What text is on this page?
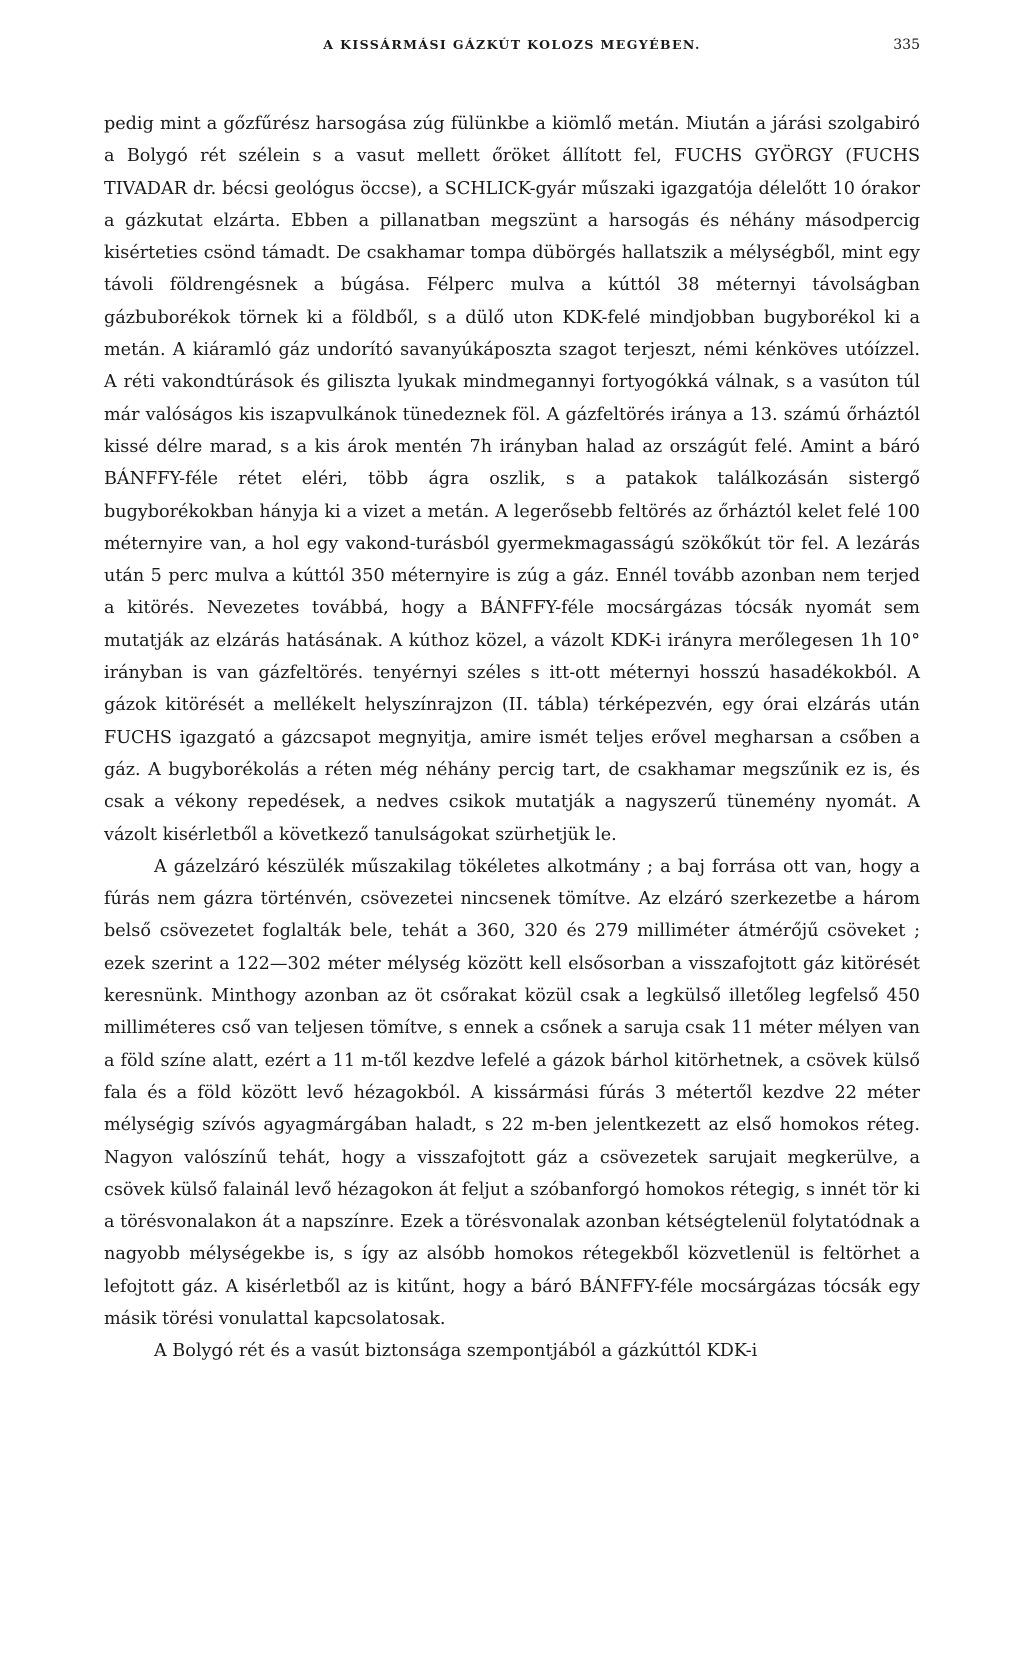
A KISSÁRMÁSI GÁZKÚT KOLOZS MEGYÉBEN.	335

pedig mint a gőzfűrész harsogása zúg fülünkbe a kiömlő metán. Miután a járási szolgabiró a Bolygó rét szélein s a vasut mellett őröket állított fel, FUCHS GYÖRGY (FUCHS TIVADAR dr. bécsi geológus öccse), a SCHLICK-gyár műszaki igazgatója délelőtt 10 órakor a gázkutat elzárta. Ebben a pillanatban megszünt a harsogás és néhány másodpercig kisérteties csönd támadt. De csakhamar tompa dübörgés hallatszik a mélységből, mint egy távoli földrengésnek a búgása. Félperc mulva a kúttól 38 méternyi távolságban gázbuborékok törnek ki a földből, s a dülő uton KDK-felé mindjobban bugyborékol ki a metán. A kiáramló gáz undorító savanyúkáposzta szagot terjeszt, némi kénköves utóízzel. A réti vakondtúrások és giliszta lyukak mindmegannyi fortyogókká válnak, s a vasúton túl már valóságos kis iszapvulkánok tünedeznek föl. A gázfeltörés iránya a 13. számú őrháztól kissé délre marad, s a kis árok mentén 7h irányban halad az országút felé. Amint a báró BÁNFFY-féle rétet eléri, több ágra oszlik, s a patakok találkozásán sistergő bugyborékokban hányja ki a vizet a metán. A legerősebb feltörés az őrháztól kelet felé 100 méternyire van, a hol egy vakond-turásból gyermekmagasságú szökőkút tör fel. A lezárás után 5 perc mulva a kúttól 350 méternyire is zúg a gáz. Ennél tovább azonban nem terjed a kitörés. Nevezetes továbbá, hogy a BÁNFFY-féle mocsárgázas tócsák nyomát sem mutatják az elzárás hatásának. A kúthoz közel, a vázolt KDK-i irányra merőlegesen 1h 10° irányban is van gázfeltörés. tenyérnyi széles s itt-ott méternyi hosszú hasadékokból. A gázok kitörését a mellékelt helyszínrajzon (II. tábla) térképezvén, egy órai elzárás után FUCHS igazgató a gázcsapot megnyitja, amire ismét teljes erővel megharsan a csőben a gáz. A bugyborékolás a réten még néhány percig tart, de csakhamar megszűnik ez is, és csak a vékony repedések, a nedves csikok mutatják a nagyszerű tünemény nyomát. A vázolt kisérletből a következő tanulságokat szürhetjük le.

A gázelzáró készülék műszakilag tökéletes alkotmány ; a baj forrása ott van, hogy a fúrás nem gázra történvén, csövezetei nincsenek tömítve. Az elzáró szerkezetbe a három belső csövezetet foglalták bele, tehát a 360, 320 és 279 milliméter átmérőjű csöveket ; ezek szerint a 122—302 méter mélység között kell elsősorban a visszafojtott gáz kitörését keresnünk. Minthogy azonban az öt csőrakat közül csak a legkülső illetőleg legfelső 450 milliméteres cső van teljesen tömítve, s ennek a csőnek a saruja csak 11 méter mélyen van a föld színe alatt, ezért a 11 m-től kezdve lefelé a gázok bárhol kitörhetnek, a csövek külső fala és a föld között levő hézagokból. A kissármási fúrás 3 métertől kezdve 22 méter mélységig szívós agyagmárgában haladt, s 22 m-ben jelentkezett az első homokos réteg. Nagyon valószínű tehát, hogy a visszafojtott gáz a csövezetek sarujait megkerülve, a csövek külső falainál levő hézagokon át feljut a szóbanforgó homokos rétegig, s innét tör ki a törésvonalakon át a napszínre. Ezek a törésvonalak azonban kétségtelenül folytatódnak a nagyobb mélységekbe is, s így az alsóbb homokos rétegekből közvetlenül is feltörhet a lefojtott gáz. A kisérletből az is kitűnt, hogy a báró BÁNFFY-féle mocsárgázas tócsák egy másik törési vonulattal kapcsolatosak.

A Bolygó rét és a vasút biztonsága szempontjából a gázkúttól KDK-i
